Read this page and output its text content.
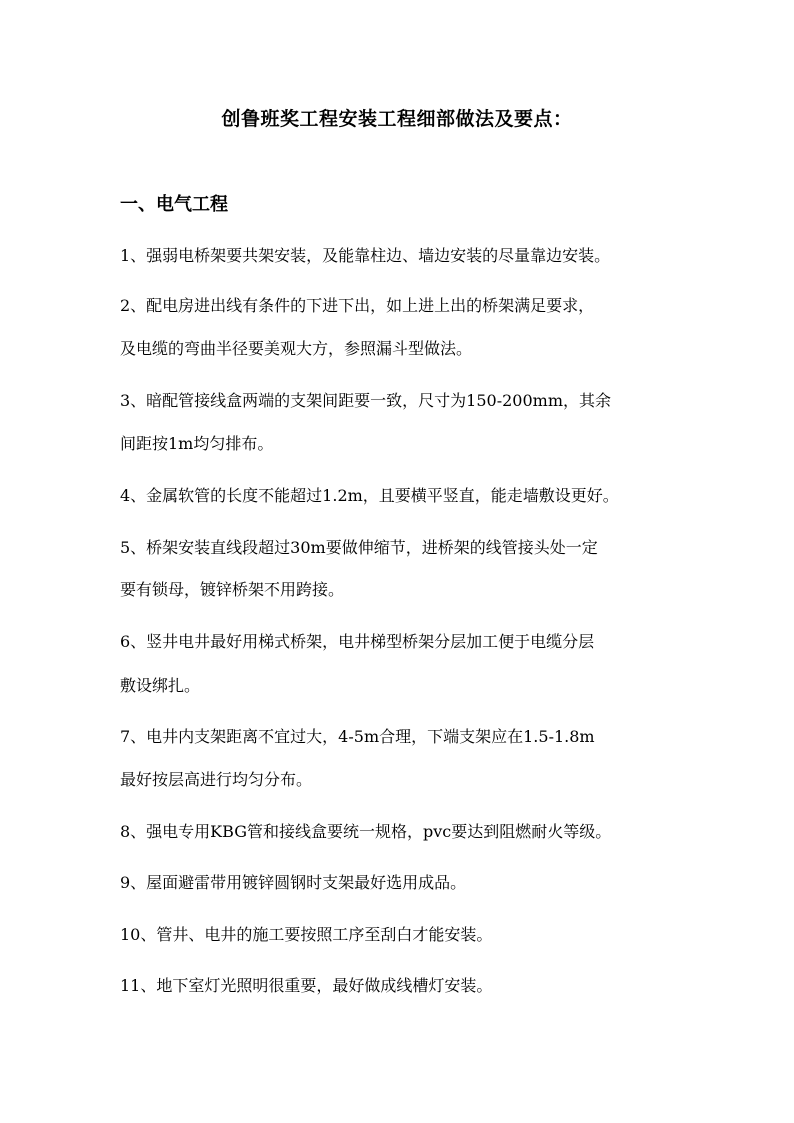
创鲁班奖工程安装工程细部做法及要点：
一、电气工程
1、强弱电桥架要共架安装，及能靠柱边、墙边安装的尽量靠边安装。
2、配电房进出线有条件的下进下出，如上进上出的桥架满足要求，
及电缆的弯曲半径要美观大方，参照漏斗型做法。
3、暗配管接线盒两端的支架间距要一致，尺寸为150-200mm，其余
间距按1m均匀排布。
4、金属软管的长度不能超过1.2m，且要横平竖直，能走墙敷设更好。
5、桥架安装直线段超过30m要做伸缩节，进桥架的线管接头处一定
要有锁母，镀锌桥架不用跨接。
6、竖井电井最好用梯式桥架，电井梯型桥架分层加工便于电缆分层
敷设绑扎。
7、电井内支架距离不宜过大，4-5m合理，下端支架应在1.5-1.8m
最好按层高进行均匀分布。
8、强电专用KBG管和接线盒要统一规格，pvc要达到阻燃耐火等级。
9、屋面避雷带用镀锌圆钢时支架最好选用成品。
10、管井、电井的施工要按照工序至刮白才能安装。
11、地下室灯光照明很重要，最好做成线槽灯安装。
